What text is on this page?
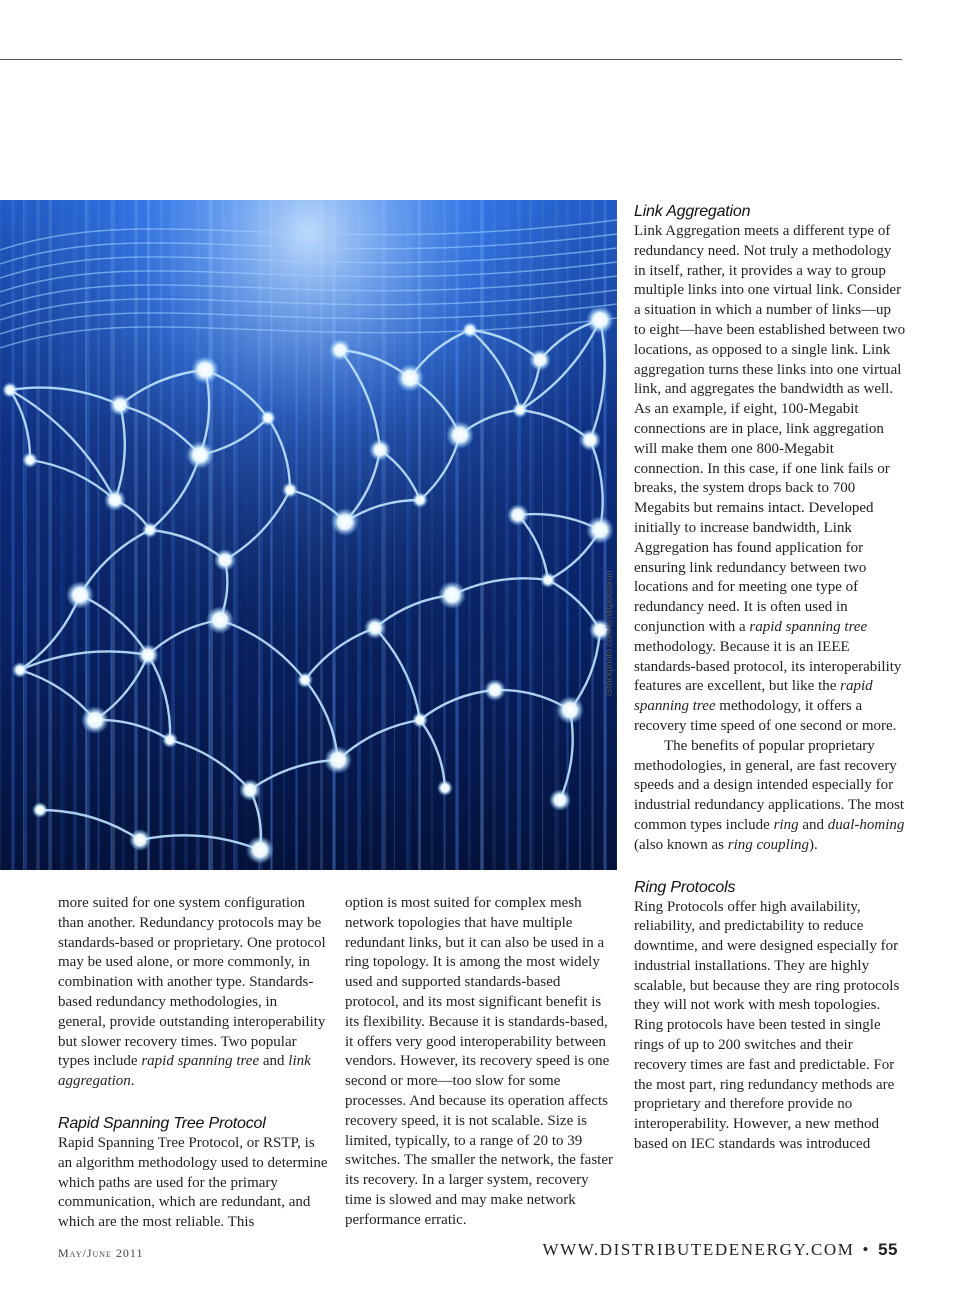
iStockphoto.com/ernstpotoskun

more suited for one system configuration than another. Redundancy protocols may be standards-based or proprietary. One protocol may be used alone, or more commonly, in combination with another type. Standards-based redundancy methodologies, in general, provide outstanding interoperability but slower recovery times. Two popular types include rapid spanning tree and link aggregation.

Rapid Spanning Tree Protocol

Rapid Spanning Tree Protocol, or RSTP, is an algorithm methodology used to determine which paths are used for the primary communication, which are redundant, and which are the most reliable. This

option is most suited for complex mesh network topologies that have multiple redundant links, but it can also be used in a ring topology. It is among the most widely used and supported standards-based protocol, and its most significant benefit is its flexibility. Because it is standards-based, it offers very good interoperability between vendors. However, its recovery speed is one second or more—too slow for some processes. And because its operation affects recovery speed, it is not scalable. Size is limited, typically, to a range of 20 to 39 switches. The smaller the network, the faster its recovery. In a larger system, recovery time is slowed and may make network performance erratic.

Link Aggregation

Link Aggregation meets a different type of redundancy need. Not truly a methodology in itself, rather, it provides a way to group multiple links into one virtual link. Consider a situation in which a number of links—up to eight—have been established between two locations, as opposed to a single link. Link aggregation turns these links into one virtual link, and aggregates the bandwidth as well. As an example, if eight, 100-Megabit connections are in place, link aggregation will make them one 800-Megabit connection. In this case, if one link fails or breaks, the system drops back to 700 Megabits but remains intact. Developed initially to increase bandwidth, Link Aggregation has found application for ensuring link redundancy between two locations and for meeting one type of redundancy need. It is often used in conjunction with a rapid spanning tree methodology. Because it is an IEEE standards-based protocol, its interoperability features are excellent, but like the rapid spanning tree methodology, it offers a recovery time speed of one second or more.

The benefits of popular proprietary methodologies, in general, are fast recovery speeds and a design intended especially for industrial redundancy applications. The most common types include ring and dual-homing (also known as ring coupling).

Ring Protocols

Ring Protocols offer high availability, reliability, and predictability to reduce downtime, and were designed especially for industrial installations. They are highly scalable, but because they are ring protocols they will not work with mesh topologies. Ring protocols have been tested in single rings of up to 200 switches and their recovery times are fast and predictable. For the most part, ring redundancy methods are proprietary and therefore provide no interoperability. However, a new method based on IEC standards was introduced

May/June 2011	WWW.DISTRIBUTEDENERGY.COM • 55
